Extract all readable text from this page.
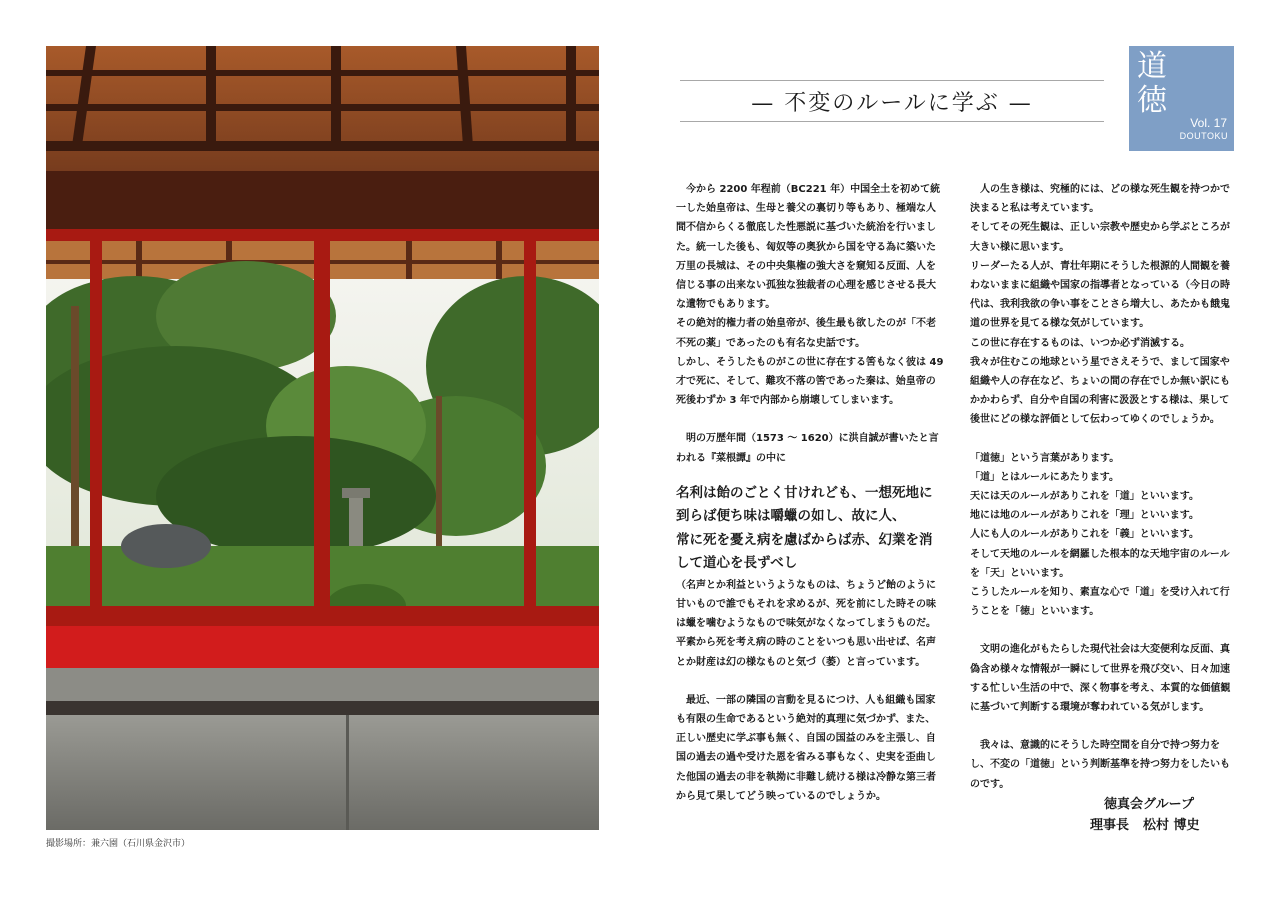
撮影場所：兼六園（石川県金沢市）
— 不変のルールに学ぶ —
道徳
Vol. 17
DOUTOKU

　今から 2200 年程前（BC221 年）中国全土を初めて統一した始皇帝は、生母と養父の裏切り等もあり、極端な人間不信からくる徹底した性悪説に基づいた統治を行いました。統一した後も、匈奴等の奥狄から国を守る為に築いた万里の長城は、その中央集権の強大さを窺知る反面、人を信じる事の出来ない孤独な独裁者の心理を感じさせる長大な遺物でもあります。
その絶対的権力者の始皇帝が、後生最も欲したのが「不老不死の薬」であったのも有名な史話です。
しかし、そうしたものがこの世に存在する筈もなく彼は 49 才で死に、そして、難攻不落の筈であった秦は、始皇帝の死後わずか 3 年で内部から崩壊してしまいます。

　明の万歴年間（1573 ～ 1620）に洪自誠が書いたと言われる『菜根譚』の中に

名利は飴のごとく甘けれども、一想死地に到らば便ち味は嚼蠟の如し、故に人、
常に死を憂え病を慮ばからば赤、幻業を消して道心を長ずべし

（名声とか利益というようなものは、ちょうど飴のように甘いもので誰でもそれを求めるが、死を前にした時その味は蠟を噛むようなもので味気がなくなってしまうものだ。平素から死を考え病の時のことをいつも思い出せば、名声とか財産は幻の様なものと気づ（萎）と言っています。

　最近、一部の隣国の言動を見るにつけ、人も組織も国家も有限の生命であるという絶対的真理に気づかず、また、正しい歴史に学ぶ事も無く、自国の国益のみを主張し、自国の過去の過や受けた恩を省みる事もなく、史実を歪曲した他国の過去の非を執拗に非難し続ける様は冷静な第三者から見て果してどう映っているのでしょうか。

　人の生き様は、究極的には、どの様な死生観を持つかで決まると私は考えています。
そしてその死生観は、正しい宗教や歴史から学ぶところが大きい様に思います。
リーダーたる人が、青壮年期にそうした根源的人間観を養わないままに組織や国家の指導者となっている（今日の時代は、我利我欲の争い事をことさら増大し、あたかも餓鬼道の世界を見てる様な気がしています。
この世に存在するものは、いつか必ず消滅する。
我々が住むこの地球という星でさえそうで、まして国家や組織や人の存在など、ちょいの間の存在でしか無い訳にもかかわらず、自分や自国の利害に汲汲とする様は、果して後世にどの様な評価として伝わってゆくのでしょうか。

「道徳」という言葉があります。
「道」とはルールにあたります。
天には天のルールがありこれを「道」といいます。
地には地のルールがありこれを「理」といいます。
人にも人のルールがありこれを「義」といいます。
そして天地のルールを網羅した根本的な天地宇宙のルールを「天」といいます。
こうしたルールを知り、素直な心で「道」を受け入れて行うことを「徳」といいます。

　文明の進化がもたらした現代社会は大変便利な反面、真偽含め様々な情報が一瞬にして世界を飛び交い、日々加速する忙しい生活の中で、深く物事を考え、本質的な価値観に基づいて判断する環境が奪われている気がします。

　我々は、意識的にそうした時空間を自分で持つ努力をし、不変の「道徳」という判断基準を持つ努力をしたいものです。

徳真会グループ
理事長 松村 博史
